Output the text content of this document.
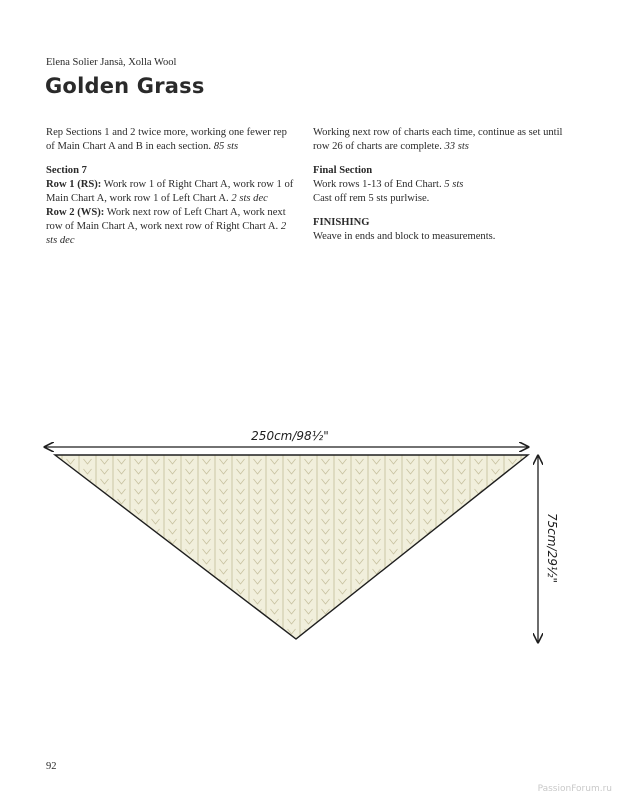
Elena Solier Jansà, Xolla Wool
Golden Grass

Rep Sections 1 and 2 twice more, working one fewer rep of Main Chart A and B in each section. 85 sts

Section 7
Row 1 (RS): Work row 1 of Right Chart A, work row 1 of Main Chart A, work row 1 of Left Chart A. 2 sts dec
Row 2 (WS): Work next row of Left Chart A, work next row of Main Chart A, work next row of Right Chart A. 2 sts dec

Working next row of charts each time, continue as set until row 26 of charts are complete. 33 sts

Final Section
Work rows 1-13 of End Chart. 5 sts
Cast off rem 5 sts purlwise.

FINISHING
Weave in ends and block to measurements.

250cm/98½"
75cm/29½"
92
PassionForum.ru
